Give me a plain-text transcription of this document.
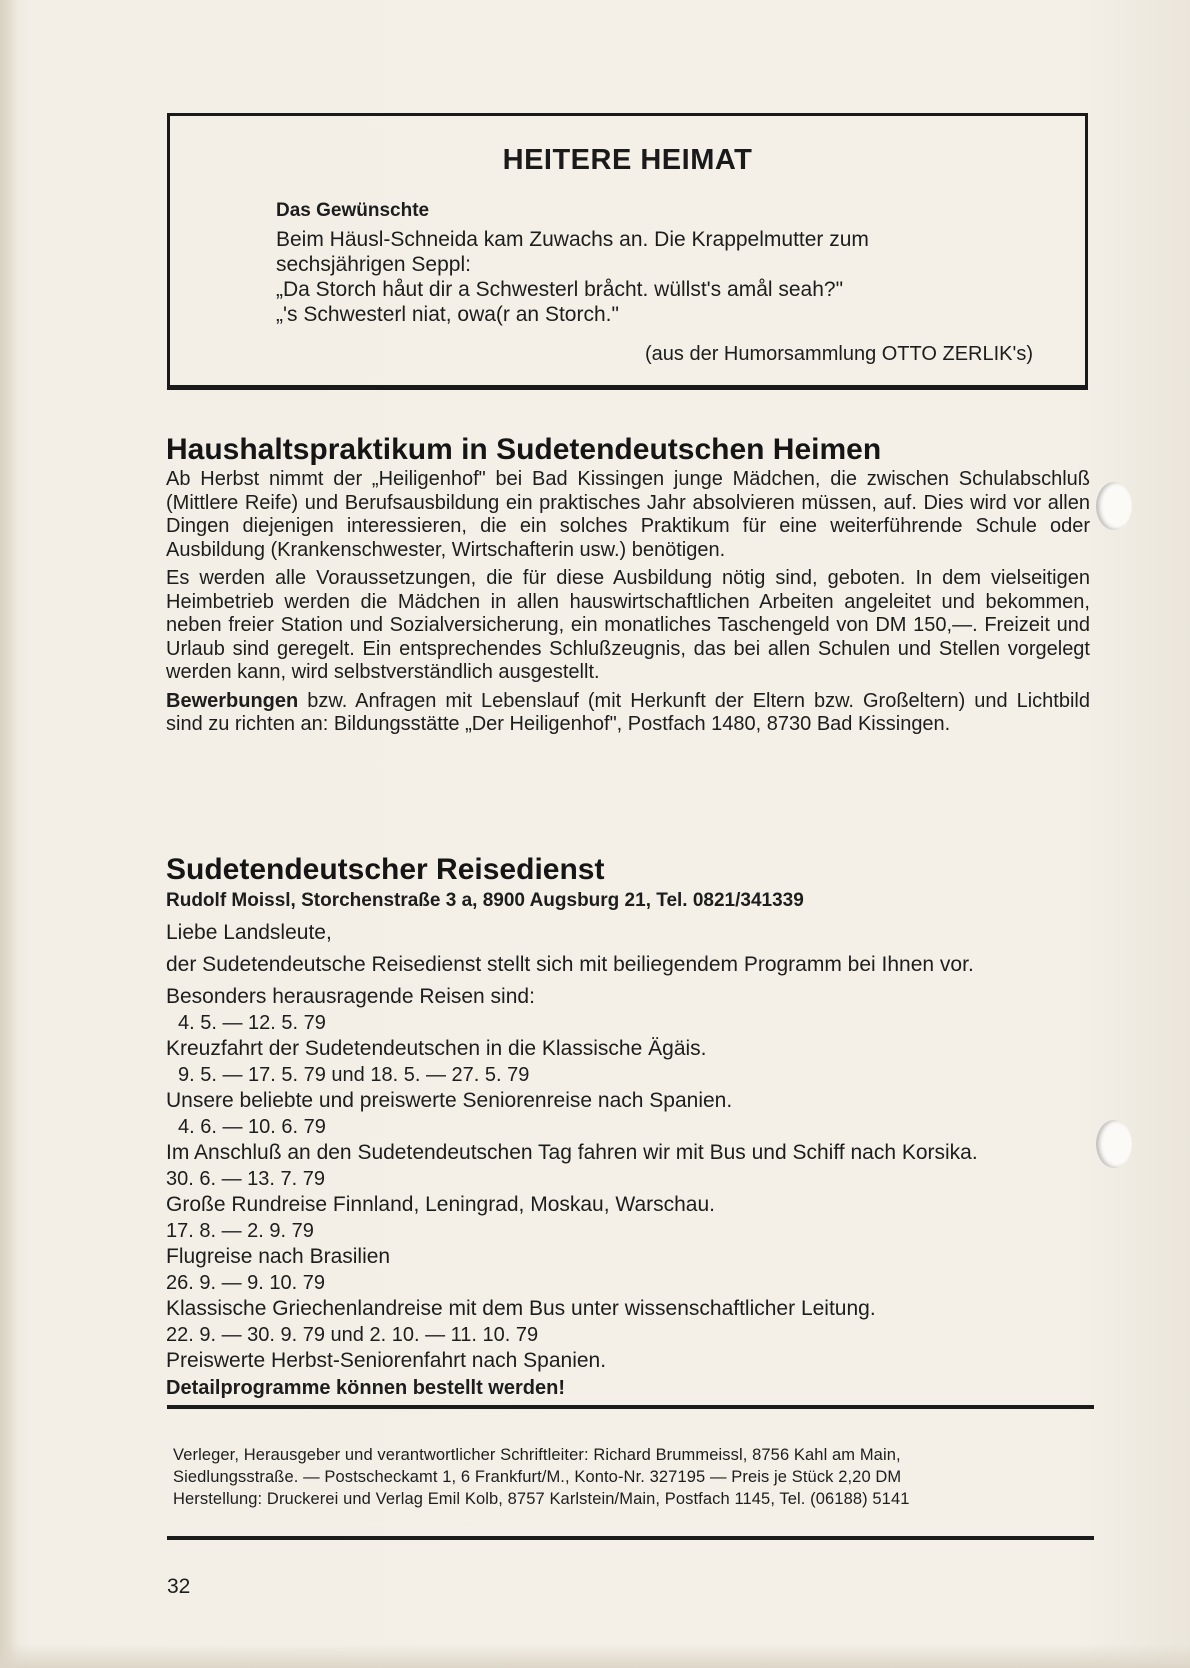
HEITERE HEIMAT
Das Gewünschte
Beim Häusl-Schneida kam Zuwachs an. Die Krappelmutter zum
sechsjährigen Seppl:
„Da Storch håut dir a Schwesterl bråcht. wüllst's amål seah?"
„'s Schwesterl niat, owa(r an Storch."
(aus der Humorsammlung OTTO ZERLIK's)
Haushaltspraktikum in Sudetendeutschen Heimen

Ab Herbst nimmt der „Heiligenhof" bei Bad Kissingen junge Mädchen, die zwischen Schulabschluß (Mittlere Reife) und Berufsausbildung ein praktisches Jahr absolvieren müssen, auf. Dies wird vor allen Dingen diejenigen interessieren, die ein solches Praktikum für eine weiterführende Schule oder Ausbildung (Krankenschwester, Wirtschafterin usw.) benötigen.

Es werden alle Voraussetzungen, die für diese Ausbildung nötig sind, geboten. In dem vielseitigen Heimbetrieb werden die Mädchen in allen hauswirtschaftlichen Arbeiten angeleitet und bekommen, neben freier Station und Sozialversicherung, ein monatliches Taschengeld von DM 150,—. Freizeit und Urlaub sind geregelt. Ein entsprechendes Schlußzeugnis, das bei allen Schulen und Stellen vorgelegt werden kann, wird selbstverständlich ausgestellt.

Bewerbungen bzw. Anfragen mit Lebenslauf (mit Herkunft der Eltern bzw. Großeltern) und Lichtbild sind zu richten an: Bildungsstätte „Der Heiligenhof", Postfach 1480, 8730 Bad Kissingen.

Sudetendeutscher Reisedienst
Rudolf Moissl, Storchenstraße 3 a, 8900 Augsburg 21, Tel. 0821/341339
Liebe Landsleute,
der Sudetendeutsche Reisedienst stellt sich mit beiliegendem Programm bei Ihnen vor.
Besonders herausragende Reisen sind:
4. 5. — 12. 5. 79
Kreuzfahrt der Sudetendeutschen in die Klassische Ägäis.
9. 5. — 17. 5. 79 und 18. 5. — 27. 5. 79
Unsere beliebte und preiswerte Seniorenreise nach Spanien.
4. 6. — 10. 6. 79
Im Anschluß an den Sudetendeutschen Tag fahren wir mit Bus und Schiff nach Korsika.
30. 6. — 13. 7. 79
Große Rundreise Finnland, Leningrad, Moskau, Warschau.
17. 8. — 2. 9. 79
Flugreise nach Brasilien
26. 9. — 9. 10. 79
Klassische Griechenlandreise mit dem Bus unter wissenschaftlicher Leitung.
22. 9. — 30. 9. 79 und 2. 10. — 11. 10. 79
Preiswerte Herbst-Seniorenfahrt nach Spanien.
Detailprogramme können bestellt werden!
Verleger, Herausgeber und verantwortlicher Schriftleiter: Richard Brummeissl, 8756 Kahl am Main,
Siedlungsstraße. — Postscheckamt 1, 6 Frankfurt/M., Konto-Nr. 327195 — Preis je Stück 2,20 DM
Herstellung: Druckerei und Verlag Emil Kolb, 8757 Karlstein/Main, Postfach 1145, Tel. (06188) 5141
32
